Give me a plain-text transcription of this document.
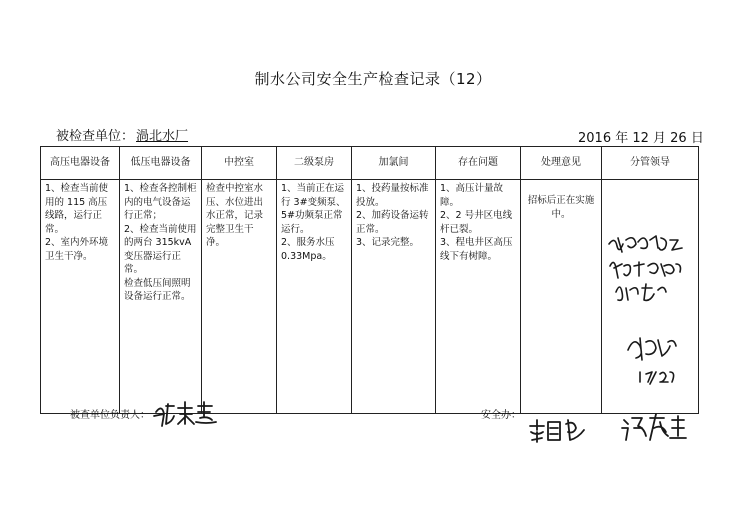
制水公司安全生产检查记录（12）
被检查单位： 渦北水厂	2016 年 12 月 26 日
高压电器设备	低压电器设备	中控室	二级泵房	加氯间	存在问题	处理意见	分管领导

1、检查当前使用的 115 高压线路，运行正常。
2、室内外环境卫生干净。	1、检查各控制柜内的电气设备运行正常；
2、检查当前使用的两台 315kvA 变压器运行正常。
检查低压间照明设备运行正常。	检查中控室水压、水位进出水正常，记录完整卫生干净。	1、当前正在运行 3#变频泵、5#功频泵正常运行。
2、服务水压 0.33Mpa。	1、投药量按标准投放。
2、加药设备运转正常。
3、记录完整。	1、高压计量故障。
2、2 号井区电线杆已裂。
3、程电井区高压线下有树障。	招标后正在实施中。

被查单位负责人：	安全办：
